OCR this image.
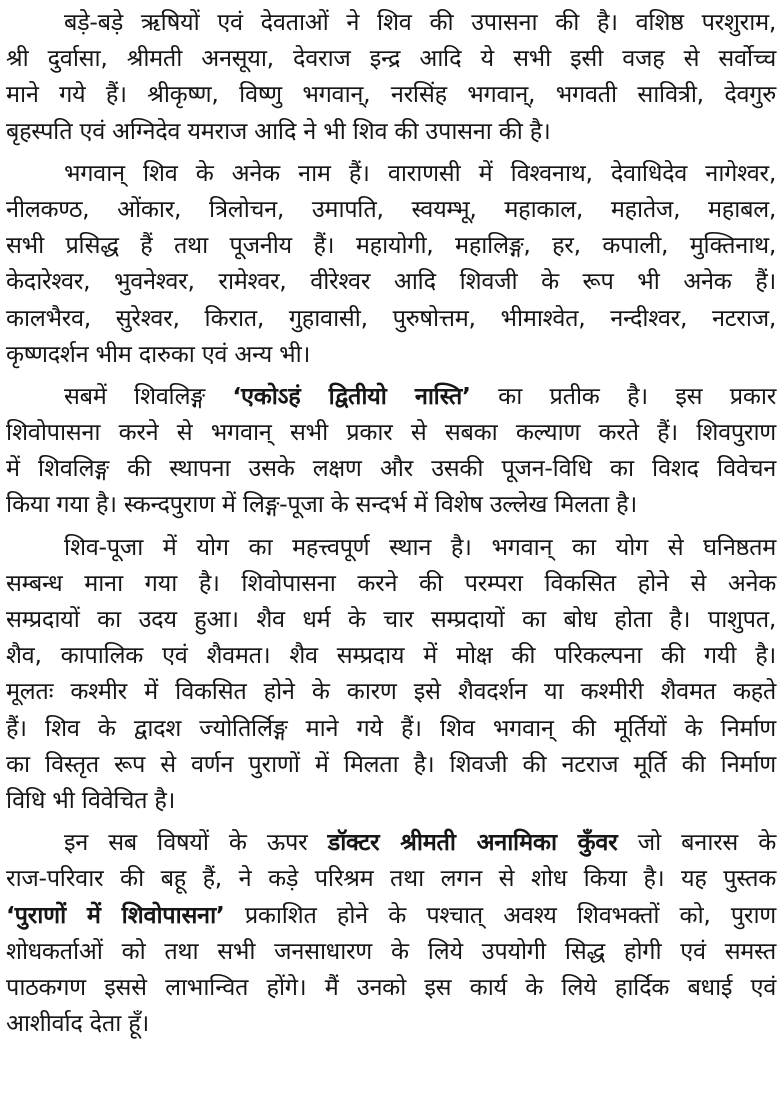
बड़े-बड़े ऋषियों एवं देवताओं ने शिव की उपासना की है। वशिष्ठ परशुराम,
श्री दुर्वासा, श्रीमती अनसूया, देवराज इन्द्र आदि ये सभी इसी वजह से सर्वोच्च
माने गये हैं। श्रीकृष्ण, विष्णु भगवान्, नरसिंह भगवान्, भगवती सावित्री, देवगुरु
बृहस्पति एवं अग्निदेव यमराज आदि ने भी शिव की उपासना की है।
भगवान् शिव के अनेक नाम हैं। वाराणसी में विश्वनाथ, देवाधिदेव नागेश्वर,
नीलकण्ठ, ओंकार, त्रिलोचन, उमापति, स्वयम्भू, महाकाल, महातेज, महाबल,
सभी प्रसिद्ध हैं तथा पूजनीय हैं। महायोगी, महालिङ्ग, हर, कपाली, मुक्तिनाथ,
केदारेश्वर, भुवनेश्वर, रामेश्वर, वीरेश्वर आदि शिवजी के रूप भी अनेक हैं।
कालभैरव, सुरेश्वर, किरात, गुहावासी, पुरुषोत्तम, भीमाश्वेत, नन्दीश्वर, नटराज,
कृष्णदर्शन भीम दारुका एवं अन्य भी।
सबमें शिवलिङ्ग ‘एकोऽहं द्वितीयो नास्ति’ का प्रतीक है। इस प्रकार
शिवोपासना करने से भगवान् सभी प्रकार से सबका कल्याण करते हैं। शिवपुराण
में शिवलिङ्ग की स्थापना उसके लक्षण और उसकी पूजन-विधि का विशद विवेचन
किया गया है। स्कन्दपुराण में लिङ्ग-पूजा के सन्दर्भ में विशेष उल्लेख मिलता है।
शिव-पूजा में योग का महत्त्वपूर्ण स्थान है। भगवान् का योग से घनिष्ठतम
सम्बन्ध माना गया है। शिवोपासना करने की परम्परा विकसित होने से अनेक
सम्प्रदायों का उदय हुआ। शैव धर्म के चार सम्प्रदायों का बोध होता है। पाशुपत,
शैव, कापालिक एवं शैवमत। शैव सम्प्रदाय में मोक्ष की परिकल्पना की गयी है।
मूलतः कश्मीर में विकसित होने के कारण इसे शैवदर्शन या कश्मीरी शैवमत कहते
हैं। शिव के द्वादश ज्योतिर्लिङ्ग माने गये हैं। शिव भगवान् की मूर्तियों के निर्माण
का विस्तृत रूप से वर्णन पुराणों में मिलता है। शिवजी की नटराज मूर्ति की निर्माण
विधि भी विवेचित है।
इन सब विषयों के ऊपर डॉक्टर श्रीमती अनामिका कुँवर जो बनारस के
राज-परिवार की बहू हैं, ने कड़े परिश्रम तथा लगन से शोध किया है। यह पुस्तक
‘पुराणों में शिवोपासना’ प्रकाशित होने के पश्चात् अवश्य शिवभक्तों को, पुराण
शोधकर्ताओं को तथा सभी जनसाधारण के लिये उपयोगी सिद्ध होगी एवं समस्त
पाठकगण इससे लाभान्वित होंगे। मैं उनको इस कार्य के लिये हार्दिक बधाई एवं
आशीर्वाद देता हूँ।
